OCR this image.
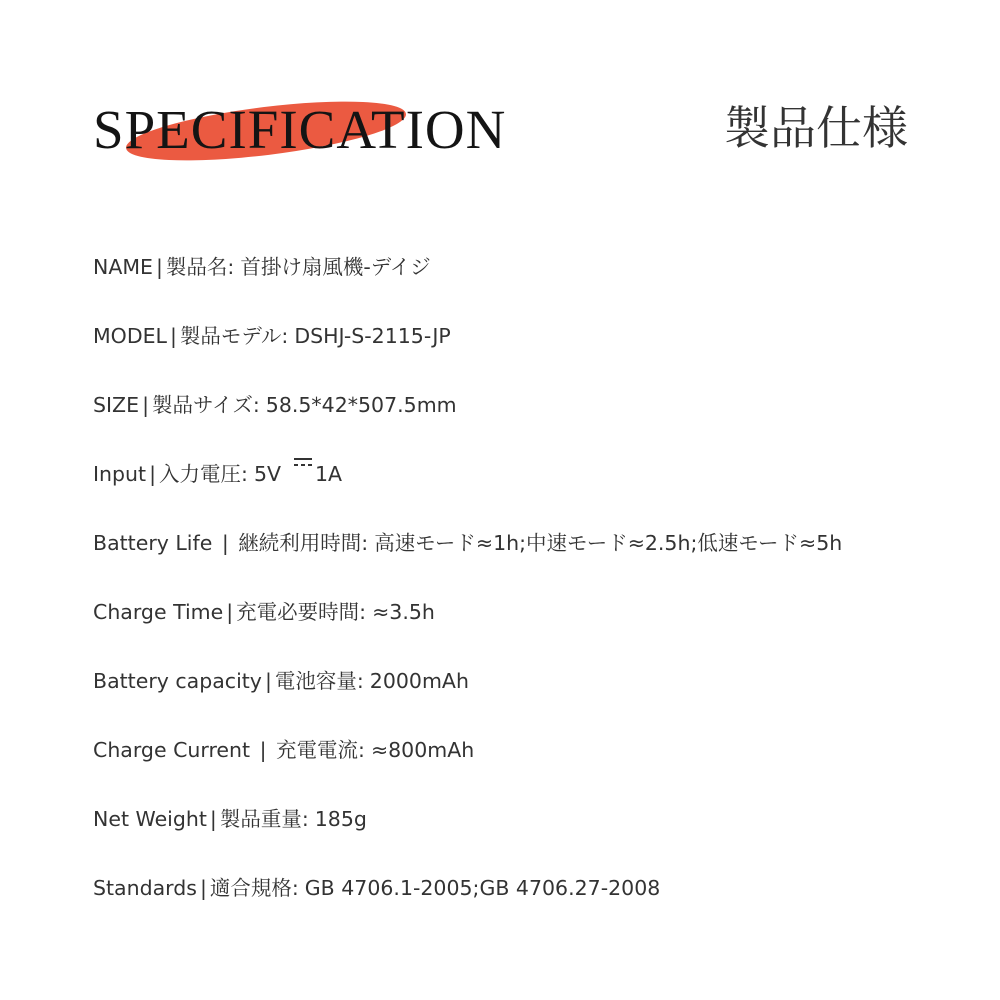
SPECIFICATION	製品仕様
NAME | 製品名 : 首掛け扇風機-デイジ
MODEL | 製品モデル : DSHJ-S-2115-JP
SIZE | 製品サイズ : 58.5*42*507.5mm
Input | 入力電圧 : 5V 1A
Battery Life | 継続利用時間 : 高速モード≈1h;中速モード≈2.5h;低速モード≈5h
Charge Time | 充電必要時間 : ≈3.5h
Battery capacity | 電池容量 : 2000mAh
Charge Current | 充電電流 : ≈800mAh
Net Weight | 製品重量 : 185g
Standards | 適合規格 : GB 4706.1-2005;GB 4706.27-2008
